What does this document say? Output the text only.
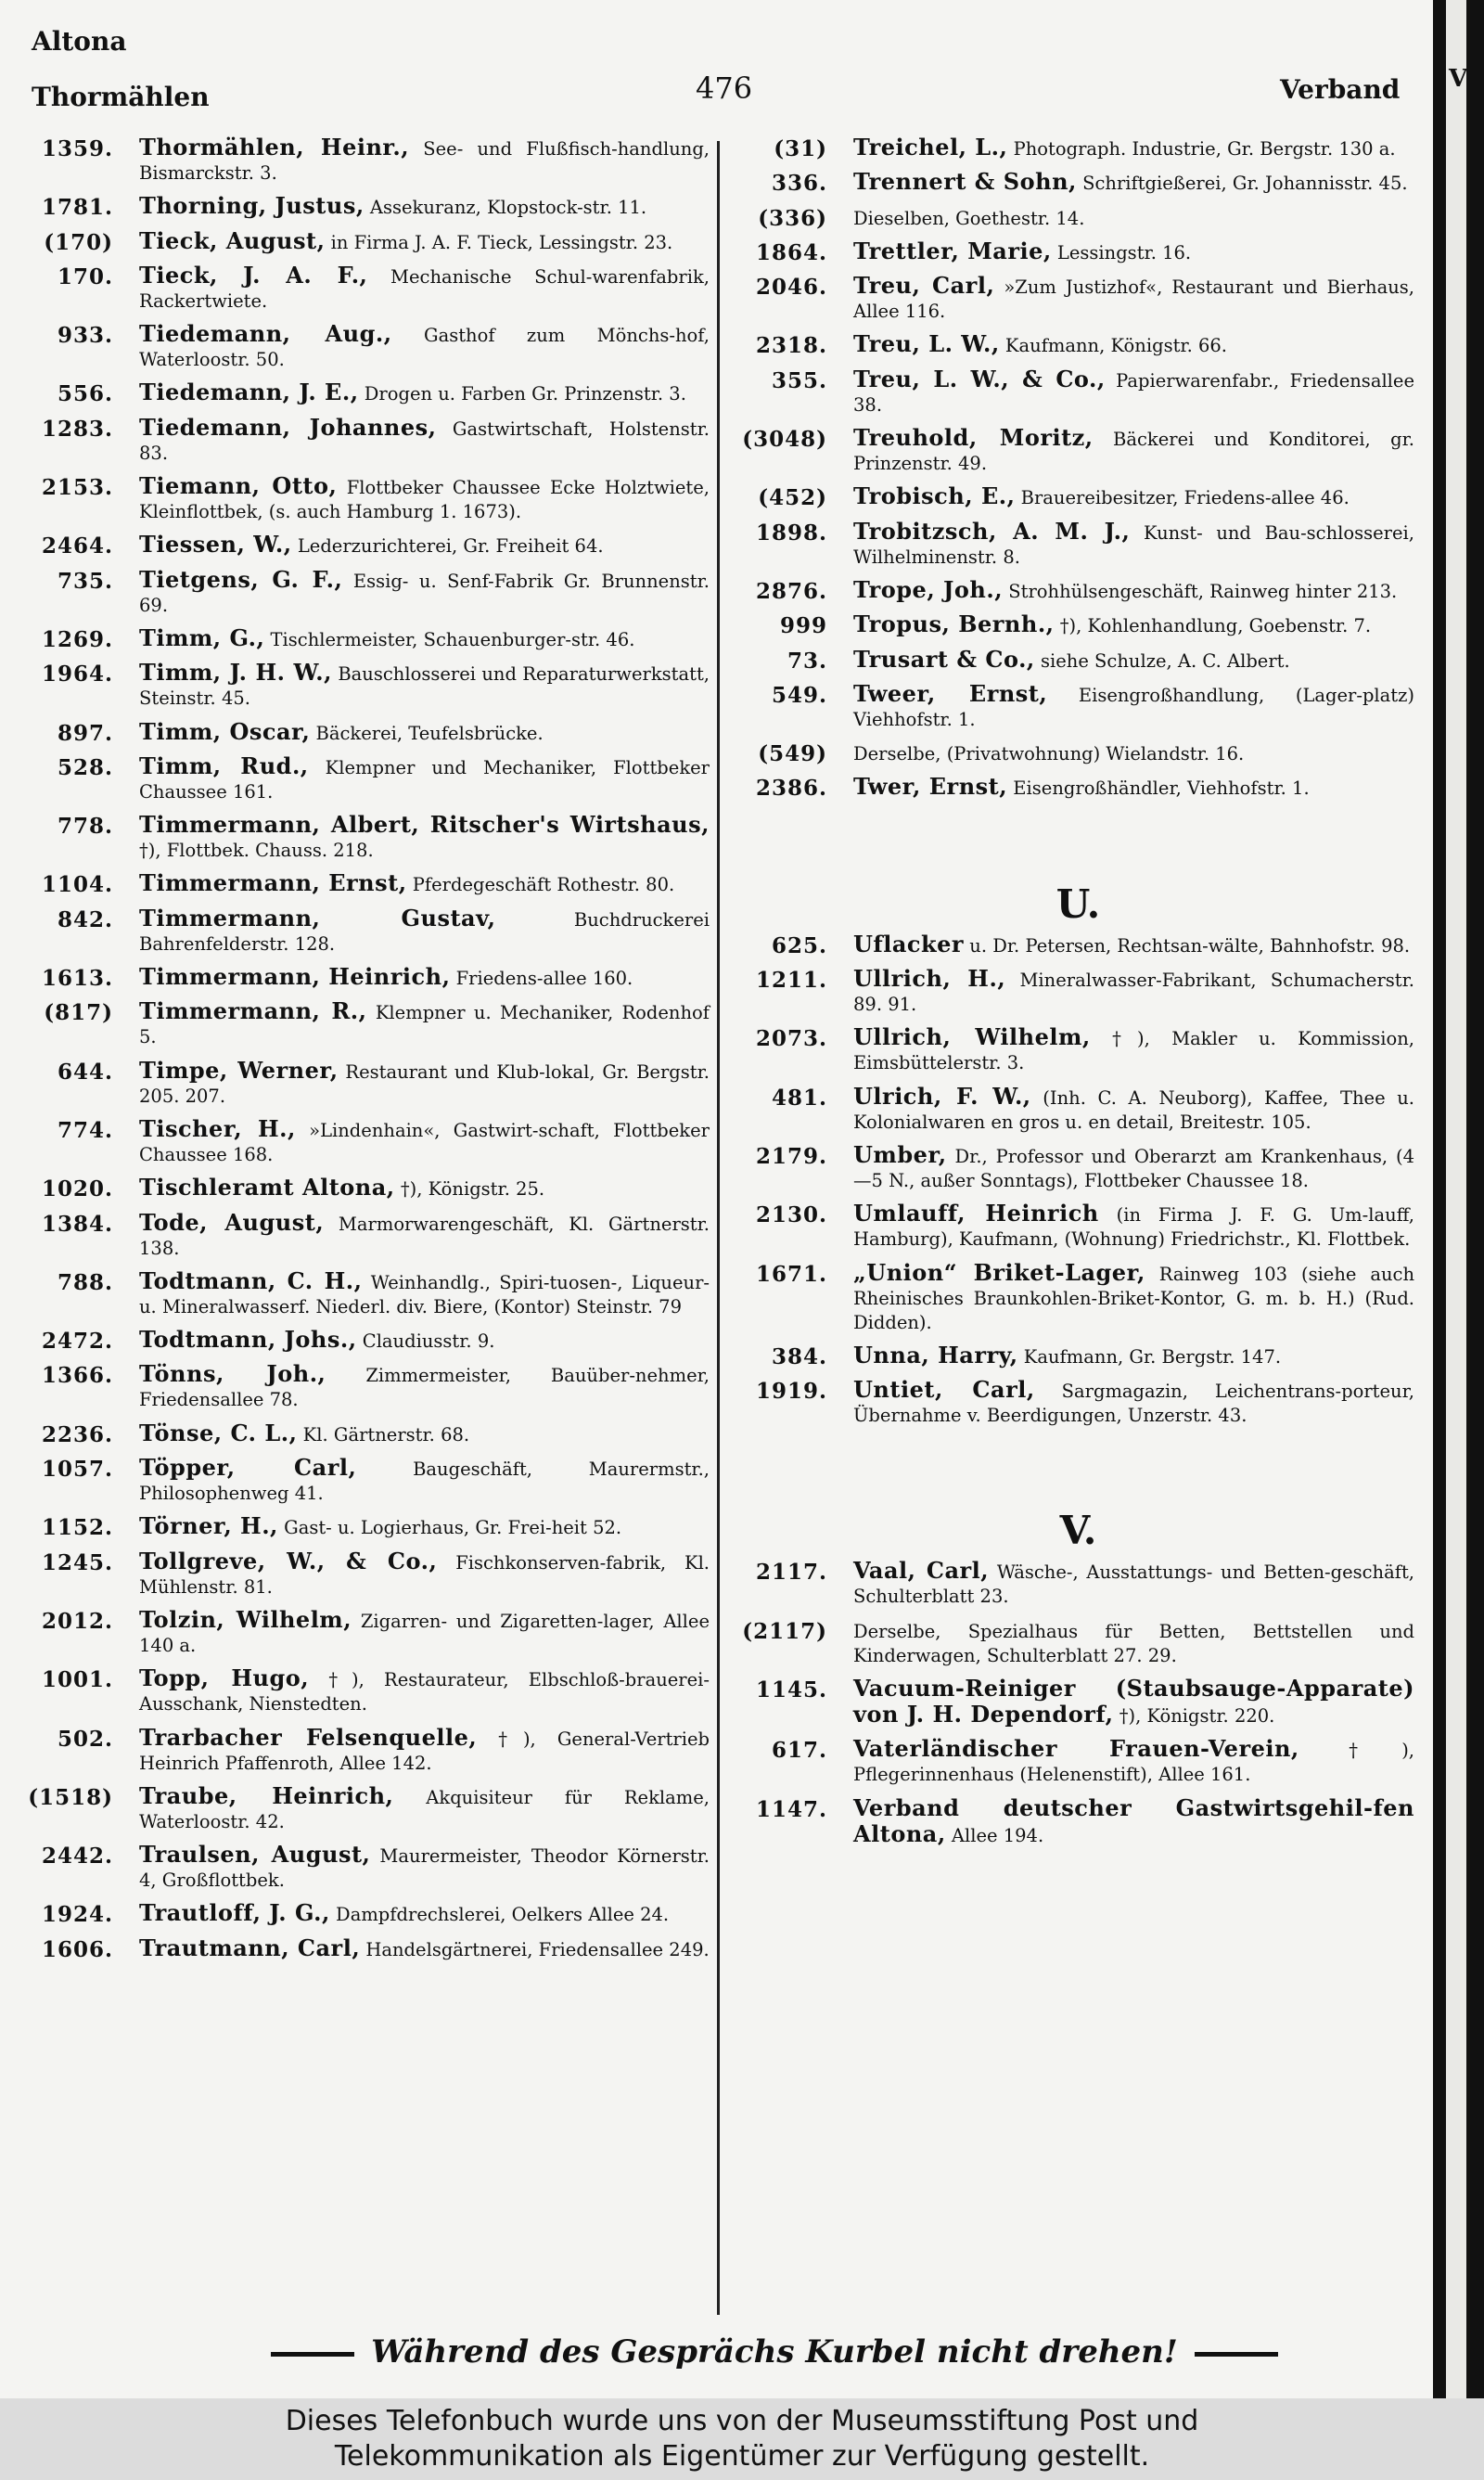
Altona
Thormählen	476	Verband
1359. Thormählen, Heinr., See- und Flußfisch-handlung, Bismarckstr. 3.
1781. Thorning, Justus, Assekuranz, Klopstock-str. 11.
(170) Tieck, August, in Firma J. A. F. Tieck, Lessingstr. 23.
170. Tieck, J. A. F., Mechanische Schul-warenfabrik, Rackertwiete.
933. Tiedemann, Aug., Gasthof zum Mönchs-hof, Waterloostr. 50.
556. Tiedemann, J. E., Drogen u. Farben Gr. Prinzenstr. 3.
1283. Tiedemann, Johannes, Gastwirtschaft, Holstenstr. 83.
2153. Tiemann, Otto, Flottbeker Chaussee Ecke Holztwiete, Kleinflottbek, (s. auch Hamburg 1. 1673).
2464. Tiessen, W., Lederzurichterei, Gr. Freiheit 64.
735. Tietgens, G. F., Essig- u. Senf-Fabrik Gr. Brunnenstr. 69.
1269. Timm, G., Tischlermeister, Schauenburger-str. 46.
1964. Timm, J. H. W., Bauschlosserei und Reparaturwerkstatt, Steinstr. 45.
897. Timm, Oscar, Bäckerei, Teufelsbrücke.
528. Timm, Rud., Klempner und Mechaniker, Flottbeker Chaussee 161.
778. Timmermann, Albert, Ritscher's Wirtshaus, †), Flottbek. Chauss. 218.
1104. Timmermann, Ernst, Pferdegeschäft Rothestr. 80.
842. Timmermann, Gustav, Buchdruckerei Bahrenfelderstr. 128.
1613. Timmermann, Heinrich, Friedens-allee 160.
(817) Timmermann, R., Klempner u. Mechaniker, Rodenhof 5.
644. Timpe, Werner, Restaurant und Klub-lokal, Gr. Bergstr. 205. 207.
774. Tischer, H., »Lindenhain«, Gastwirt-schaft, Flottbeker Chaussee 168.
1020. Tischleramt Altona, †), Königstr. 25.
1384. Tode, August, Marmorwarengeschäft, Kl. Gärtnerstr. 138.
788. Todtmann, C. H., Weinhandlg., Spiri-tuosen-, Liqueur- u. Mineralwasserf. Niederl. div. Biere, (Kontor) Steinstr. 79
2472. Todtmann, Johs., Claudiusstr. 9.
1366. Tönns, Joh., Zimmermeister, Bauüber-nehmer, Friedensallee 78.
2236. Tönse, C. L., Kl. Gärtnerstr. 68.
1057. Töpper, Carl, Baugeschäft, Maurermstr., Philosophenweg 41.
1152. Törner, H., Gast- u. Logierhaus, Gr. Frei-heit 52.
1245. Tollgreve, W., & Co., Fischkonserven-fabrik, Kl. Mühlenstr. 81.
2012. Tolzin, Wilhelm, Zigarren- und Zigaretten-lager, Allee 140 a.
1001. Topp, Hugo, †), Restaurateur, Elbschloß-brauerei-Ausschank, Nienstedten.
502. Trarbacher Felsenquelle, †), General-Vertrieb Heinrich Pfaffenroth, Allee 142.
(1518) Traube, Heinrich, Akquisiteur für Reklame, Waterloostr. 42.
2442. Traulsen, August, Maurermeister, Theodor Körnerstr. 4, Großflottbek.
1924. Trautloff, J. G., Dampfdrechslerei, Oelkers Allee 24.
1606. Trautmann, Carl, Handelsgärtnerei, Friedensallee 249.
(31) Treichel, L., Photograph. Industrie, Gr. Bergstr. 130 a.
336. Trennert & Sohn, Schriftgießerei, Gr. Johannisstr. 45.
(336) Dieselben, Goethestr. 14.
1864. Trettler, Marie, Lessingstr. 16.
2046. Treu, Carl, »Zum Justizhof«, Restaurant und Bierhaus, Allee 116.
2318. Treu, L. W., Kaufmann, Königstr. 66.
355. Treu, L. W., & Co., Papierwarenfabr., Friedensallee 38.
(3048) Treuhold, Moritz, Bäckerei und Konditorei, gr. Prinzenstr. 49.
(452) Trobisch, E., Brauereibesitzer, Friedens-allee 46.
1898. Trobitzsch, A. M. J., Kunst- und Bau-schlosserei, Wilhelminenstr. 8.
2876. Trope, Joh., Strohhülsengeschäft, Rainweg hinter 213.
999 Tropus, Bernh., †), Kohlenhandlung, Goebenstr. 7.
73. Trusart & Co., siehe Schulze, A. C. Albert.
549. Tweer, Ernst, Eisengroßhandlung, (Lager-platz) Viehhofstr. 1.
(549) Derselbe, (Privatwohnung) Wielandstr. 16.
2386. Twer, Ernst, Eisengroßhändler, Viehhofstr. 1.
U.
625. Uflacker u. Dr. Petersen, Rechtsan-wälte, Bahnhofstr. 98.
1211. Ullrich, H., Mineralwasser-Fabrikant, Schumacherstr. 89. 91.
2073. Ullrich, Wilhelm, †), Makler u. Kommission, Eimsbüttelerstr. 3.
481. Ulrich, F. W., (Inh. C. A. Neuborg), Kaffee, Thee u. Kolonialwaren en gros u. en detail, Breitestr. 105.
2179. Umber, Dr., Professor und Oberarzt am Krankenhaus, (4—5 N., außer Sonntags), Flottbeker Chaussee 18.
2130. Umlauff, Heinrich (in Firma J. F. G. Um-lauff, Hamburg), Kaufmann, (Wohnung) Friedrichstr., Kl. Flottbek.
1671. „Union“ Briket-Lager, Rainweg 103 (siehe auch Rheinisches Braunkohlen-Briket-Kontor, G. m. b. H.) (Rud. Didden).
384. Unna, Harry, Kaufmann, Gr. Bergstr. 147.
1919. Untiet, Carl, Sargmagazin, Leichentrans-porteur, Übernahme v. Beerdigungen, Unzerstr. 43.
V.
2117. Vaal, Carl, Wäsche-, Ausstattungs- und Betten-geschäft, Schulterblatt 23.
(2117) Derselbe, Spezialhaus für Betten, Bettstellen und Kinderwagen, Schulterblatt 27. 29.
1145. Vacuum-Reiniger (Staubsauge-Apparate) von J. H. Dependorf, †), Königstr. 220.
617. Vaterländischer Frauen-Verein, †), Pflegerinnenhaus (Helenenstift), Allee 161.
1147. Verband deutscher Gastwirtsgehil-fen Altona, Allee 194.
Während des Gesprächs Kurbel nicht drehen!
V
Dieses Telefonbuch wurde uns von der Museumsstiftung Post und
Telekommunikation als Eigentümer zur Verfügung gestellt.
